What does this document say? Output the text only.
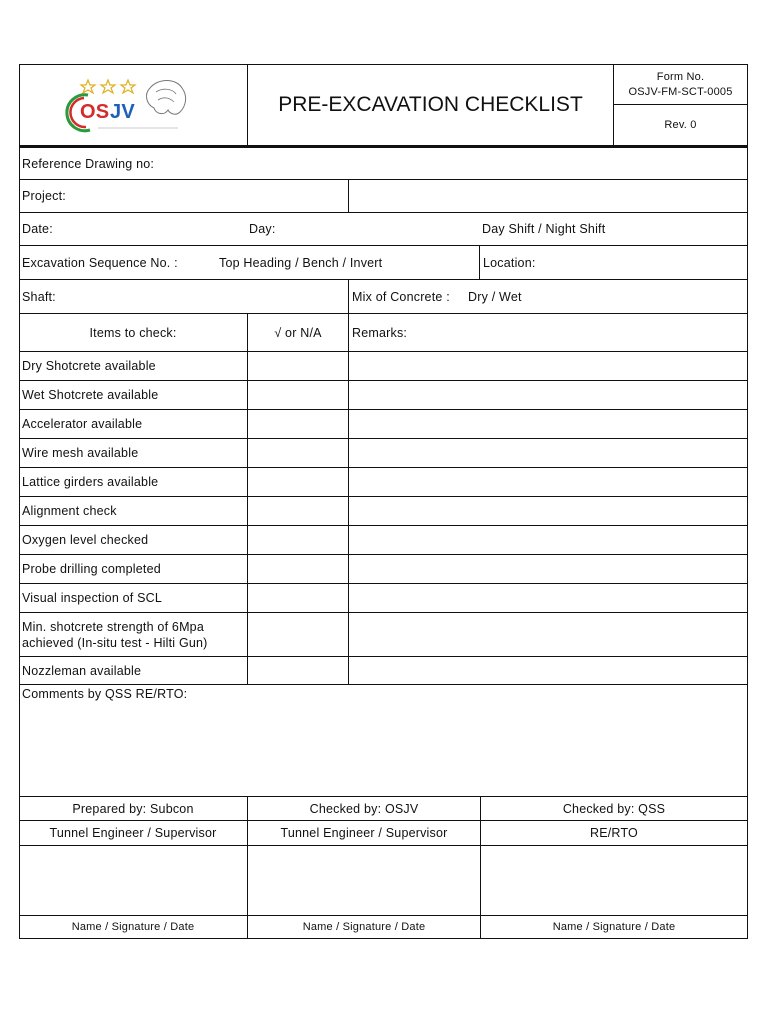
OS JV	PRE-EXCAVATION CHECKLIST
Form No.
OSJV-FM-SCT-0005
Rev. 0
Reference Drawing no:
Project:
Date:	Day:	Day Shift / Night Shift
Excavation Sequence No. :	Top Heading / Bench / Invert	Location:
Shaft:	Mix of Concrete :	Dry / Wet
Items to check:	√ or N/A	Remarks:
Dry Shotcrete available
Wet Shotcrete available
Accelerator available
Wire mesh available
Lattice girders available
Alignment check
Oxygen level checked
Probe drilling completed
Visual inspection of SCL
Min. shotcrete strength of 6Mpa achieved (In-situ test - Hilti Gun)
Nozzleman available
Comments by QSS RE/RTO:
Prepared by: Subcon	Checked by: OSJV	Checked by: QSS
Tunnel Engineer / Supervisor	Tunnel Engineer / Supervisor	RE/RTO
Name / Signature / Date	Name / Signature / Date	Name / Signature / Date
